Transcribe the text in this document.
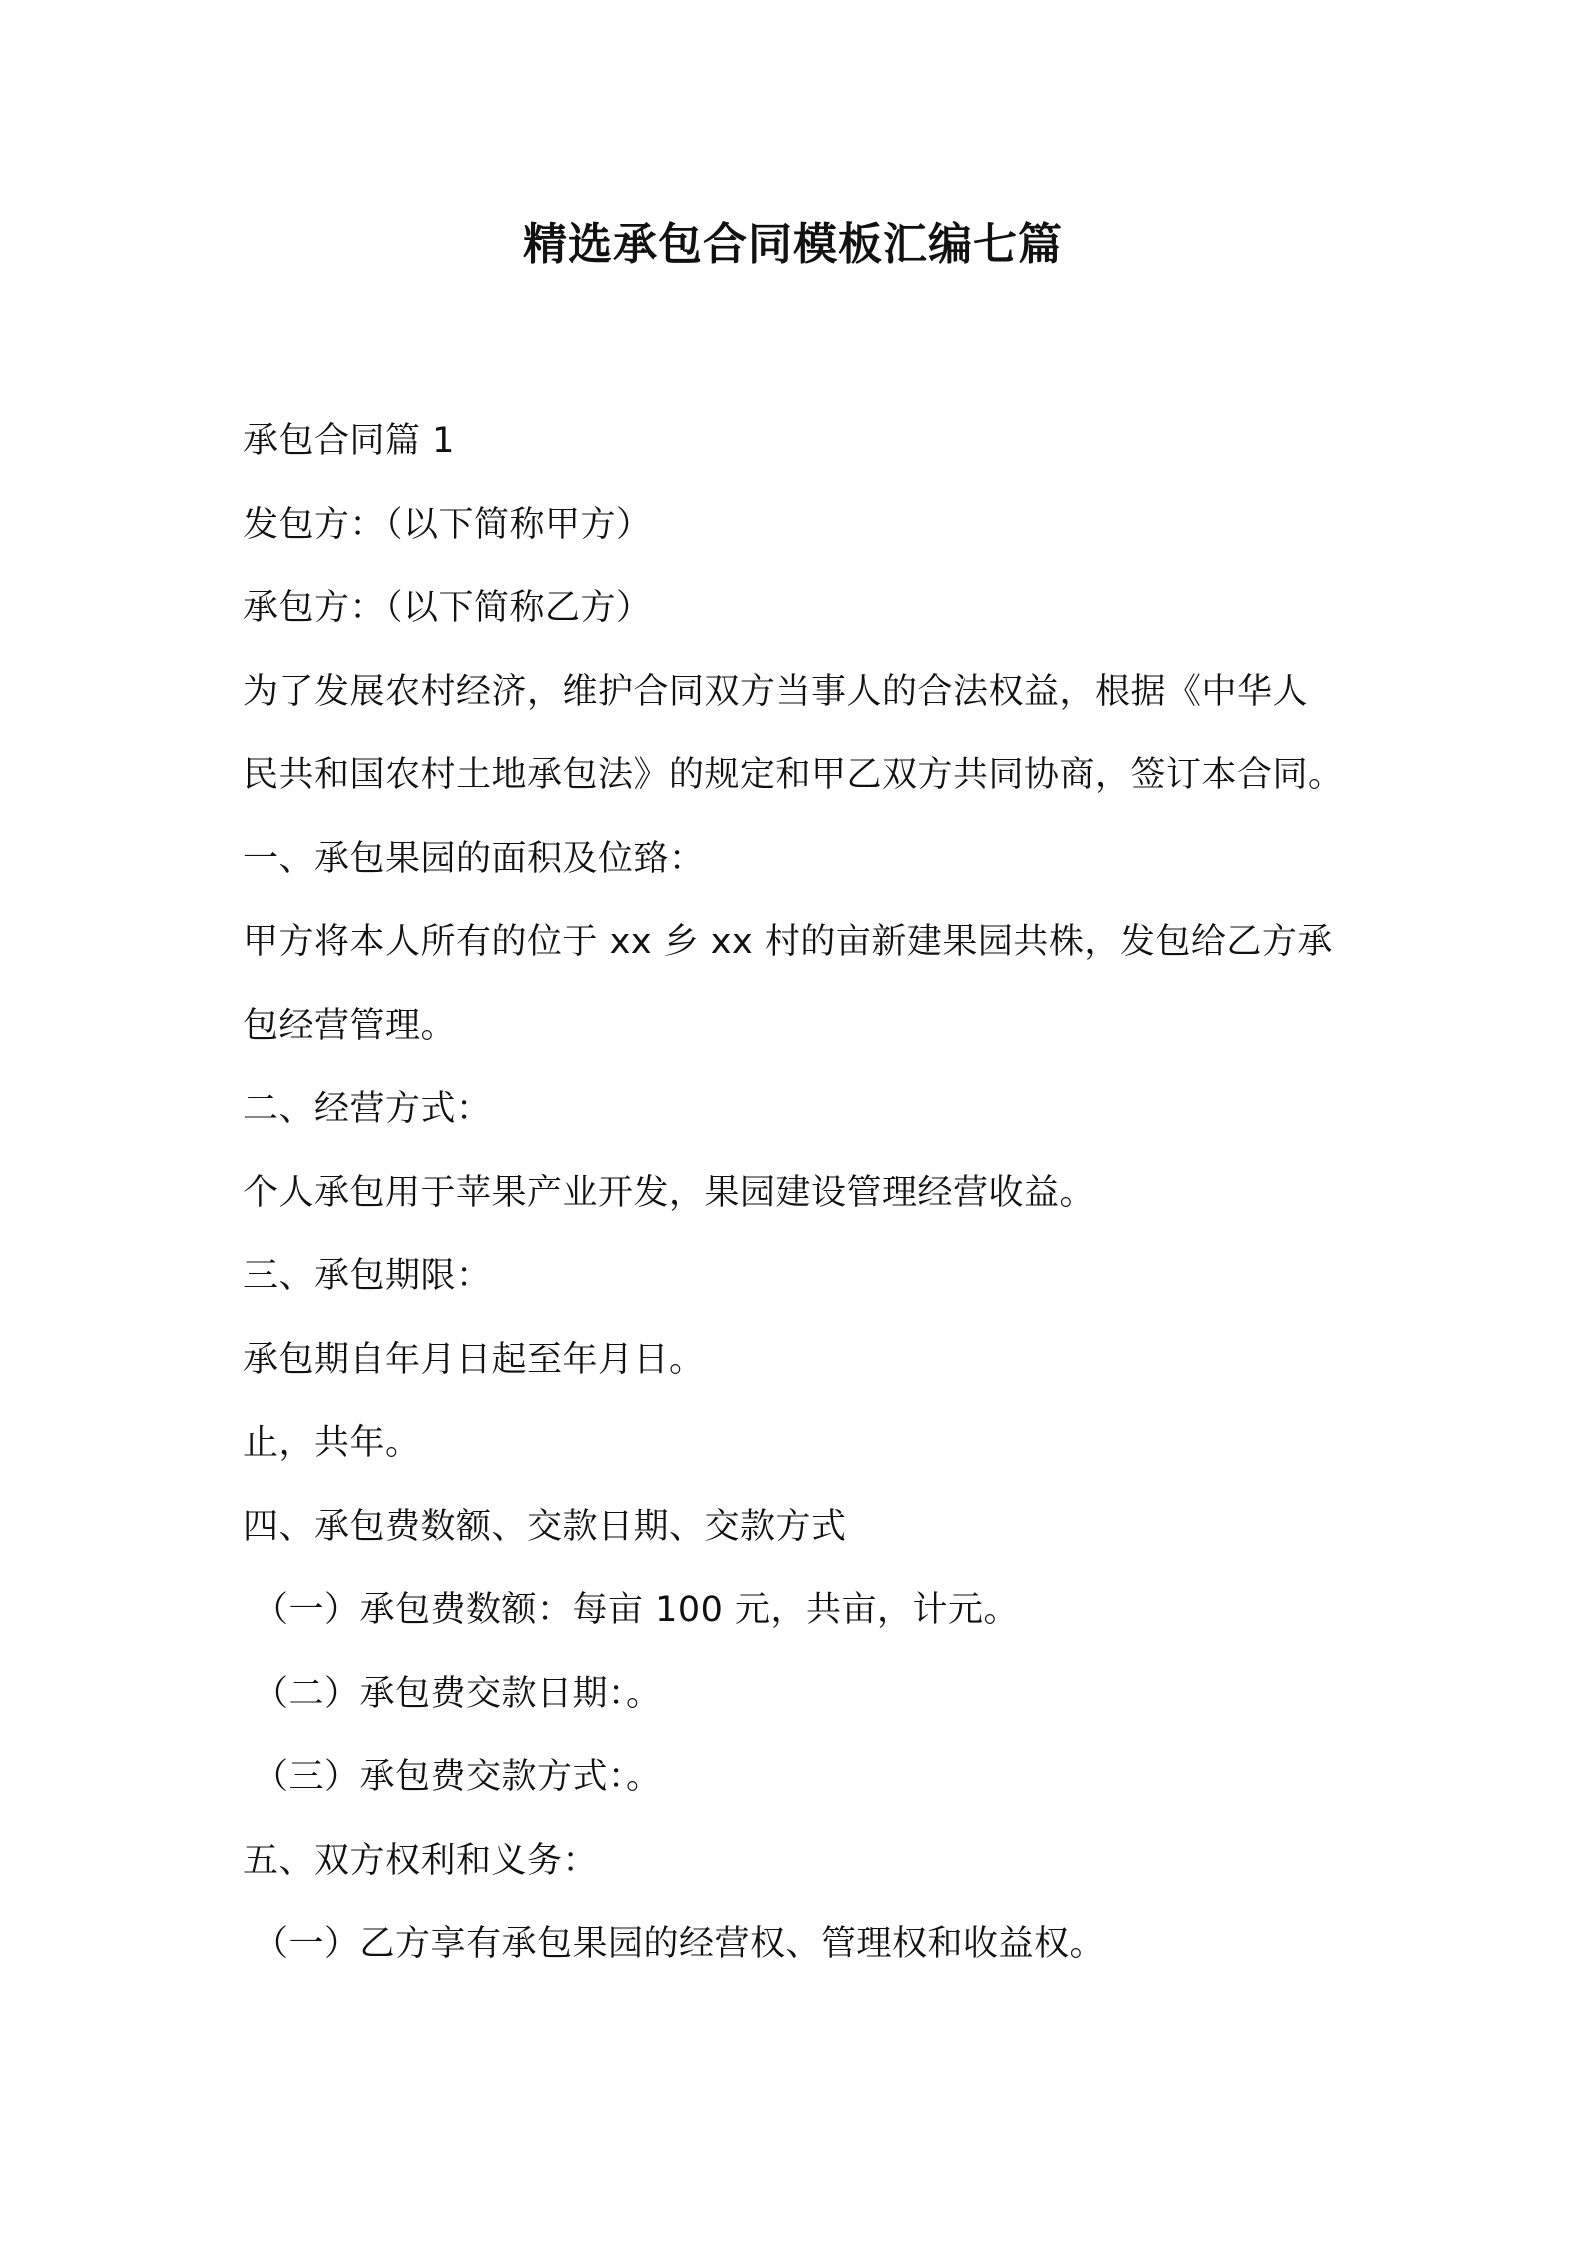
精选承包合同模板汇编七篇
承包合同篇 1
发包方：（以下简称甲方）
承包方：（以下简称乙方）
为了发展农村经济，维护合同双方当事人的合法权益，根据《中华人
民共和国农村土地承包法》的规定和甲乙双方共同协商，签订本合同。
一、承包果园的面积及位臵：
甲方将本人所有的位于 xx 乡 xx 村的亩新建果园共株，发包给乙方承
包经营管理。
二、经营方式：
个人承包用于苹果产业开发，果园建设管理经营收益。
三、承包期限：
承包期自年月日起至年月日。
止，共年。
四、承包费数额、交款日期、交款方式
（一）承包费数额：每亩 100 元，共亩，计元。
（二）承包费交款日期：。
（三）承包费交款方式：。
五、双方权利和义务：
（一）乙方享有承包果园的经营权、管理权和收益权。
